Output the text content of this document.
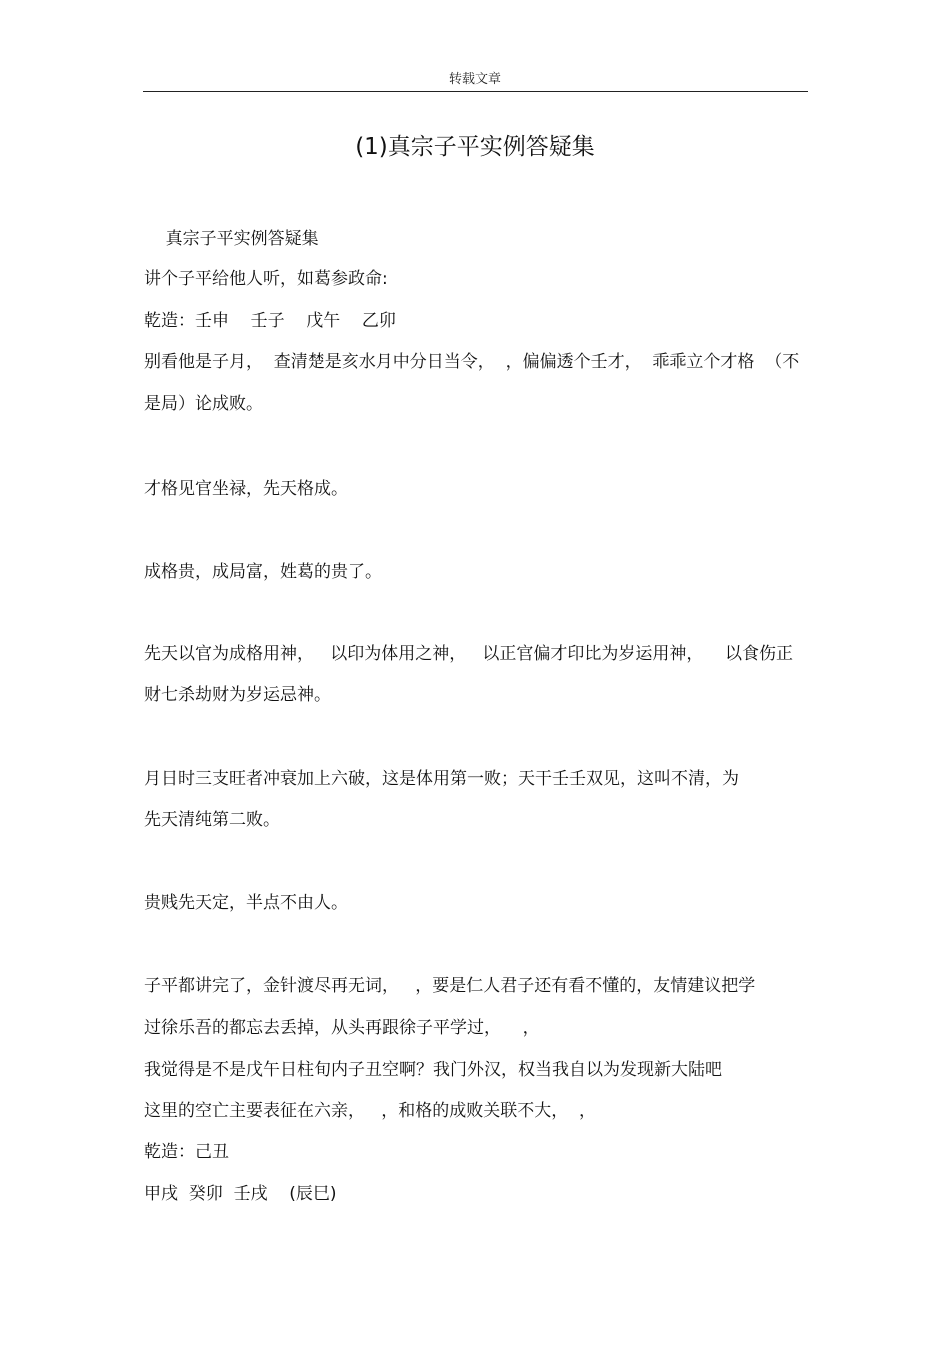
转载文章
(1)真宗子平实例答疑集
真宗子平实例答疑集
讲个子平给他人听，如葛参政命:
乾造：壬申    壬子    戊午    乙卯
别看他是子月，  查清楚是亥水月中分日当令，  ，偏偏透个壬才，  乖乖立个才格  （不
是局）论成败。
才格见官坐禄，先天格成。
成格贵，成局富，姓葛的贵了。
先天以官为成格用神，   以印为体用之神，   以正官偏才印比为岁运用神，    以食伤正
财七杀劫财为岁运忌神。
月日时三支旺者冲衰加上六破，这是体用第一败；天干壬壬双见，这叫不清，为
先天清纯第二败。
贵贱先天定，半点不由人。
子平都讲完了，金针渡尽再无词，   ，要是仁人君子还有看不懂的，友情建议把学
过徐乐吾的都忘去丢掉，从头再跟徐子平学过，    ，
我觉得是不是戊午日柱旬内子丑空啊？我门外汉，权当我自以为发现新大陆吧
这里的空亡主要表征在六亲，   ，和格的成败关联不大，  ，
乾造：己丑
甲戌  癸卯  壬戌    (辰巳)
